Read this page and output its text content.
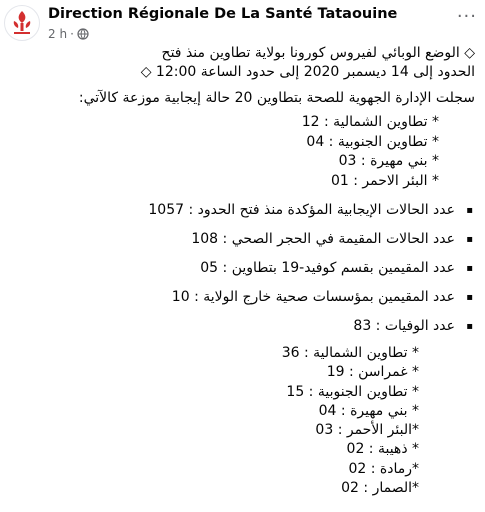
Direction Régionale De La Santé Tataouine
2 h ·
···

◇ الوضع الوبائي لفيروس كورونا بولاية تطاوين منذ فتح

الحدود إلى 14 ديسمبر 2020 إلى حدود الساعة 12:00 ◇

سجلت الإدارة الجهوية للصحة بتطاوين 20 حالة إيجابية موزعة كالآتي:

* تطاوين الشمالية : 12

* تطاوين الجنوبية : 04

* بني مهيرة : 03

* البئر الاحمر : 01

▪ عدد الحالات الإيجابية المؤكدة منذ فتح الحدود : 1057
▪ عدد الحالات المقيمة في الحجر الصحي : 108
▪ عدد المقيمين بقسم كوفيد-19 بتطاوين : 05
▪ عدد المقيمين بمؤسسات صحية خارج الولاية : 10
▪ عدد الوفيات : 83

* تطاوين الشمالية : 36

* غمراسن : 19

* تطاوين الجنوبية : 15

* بني مهيرة : 04

*البئر الأحمر : 03

* ذهيبة : 02

*رمادة : 02

*الصمار : 02
